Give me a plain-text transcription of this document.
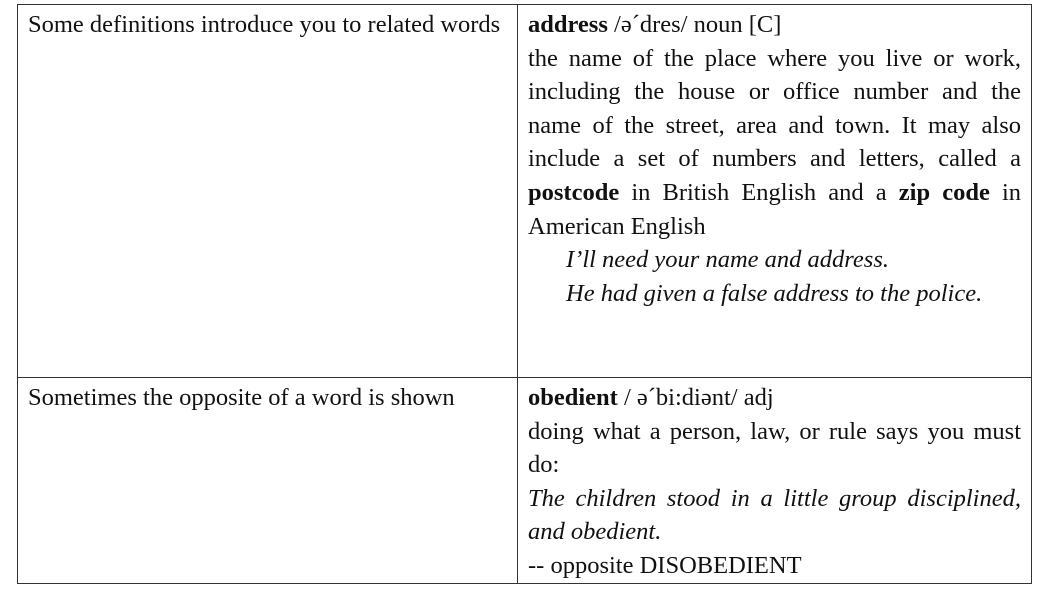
Some definitions introduce you to related words	address /əˊdres/ noun [C]
the name of the place where you live or work, including the house or office number and the name of the street, area and town. It may also include a set of numbers and letters, called a postcode in British English and a zip code in American English
I’ll need your name and address.
He had given a false address to the police.

Sometimes the opposite of a word is shown	obedient / əˊbi:diənt/ adj
doing what a person, law, or rule says you must do:
The children stood in a little group disciplined, and obedient.
-- opposite DISOBEDIENT
